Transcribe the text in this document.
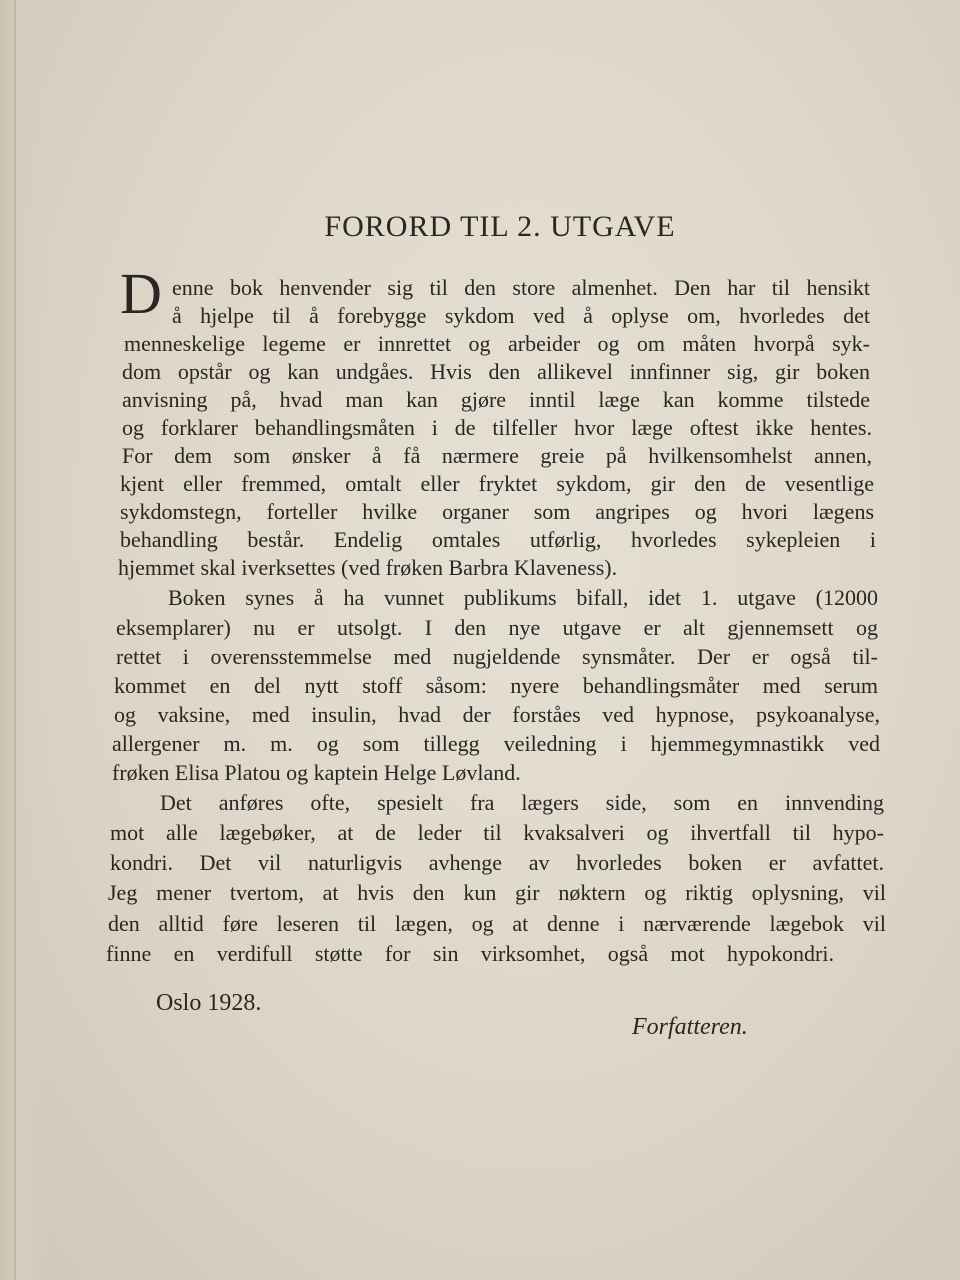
FORORD TIL 2. UTGAVE
D enne bok henvender sig til den store almenhet. Den har til hensikt
å hjelpe til å forebygge sykdom ved å oplyse om, hvorledes det
menneskelige legeme er innrettet og arbeider og om måten hvorpå syk-
dom opstår og kan undgåes. Hvis den allikevel innfinner sig, gir boken
anvisning på, hvad man kan gjøre inntil læge kan komme tilstede
og forklarer behandlingsmåten i de tilfeller hvor læge oftest ikke hentes.
For dem som ønsker å få nærmere greie på hvilkensomhelst annen,
kjent eller fremmed, omtalt eller fryktet sykdom, gir den de vesentlige
sykdomstegn, forteller hvilke organer som angripes og hvori lægens
behandling består. Endelig omtales utførlig, hvorledes sykepleien i
hjemmet skal iverksettes (ved frøken Barbra Klaveness).
Boken synes å ha vunnet publikums bifall, idet 1. utgave (12000
eksemplarer) nu er utsolgt. I den nye utgave er alt gjennemsett og
rettet i overensstemmelse med nugjeldende synsmåter. Der er også til-
kommet en del nytt stoff såsom: nyere behandlingsmåter med serum
og vaksine, med insulin, hvad der forståes ved hypnose, psykoanalyse,
allergener m. m. og som tillegg veiledning i hjemmegymnastikk ved
frøken Elisa Platou og kaptein Helge Løvland.
Det anføres ofte, spesielt fra lægers side, som en innvending
mot alle lægebøker, at de leder til kvaksalveri og ihvertfall til hypo-
kondri. Det vil naturligvis avhenge av hvorledes boken er avfattet.
Jeg mener tvertom, at hvis den kun gir nøktern og riktig oplysning, vil
den alltid føre leseren til lægen, og at denne i nærværende lægebok vil
finne en verdifull støtte for sin virksomhet, også mot hypokondri.
Oslo 1928.
Forfatteren.
